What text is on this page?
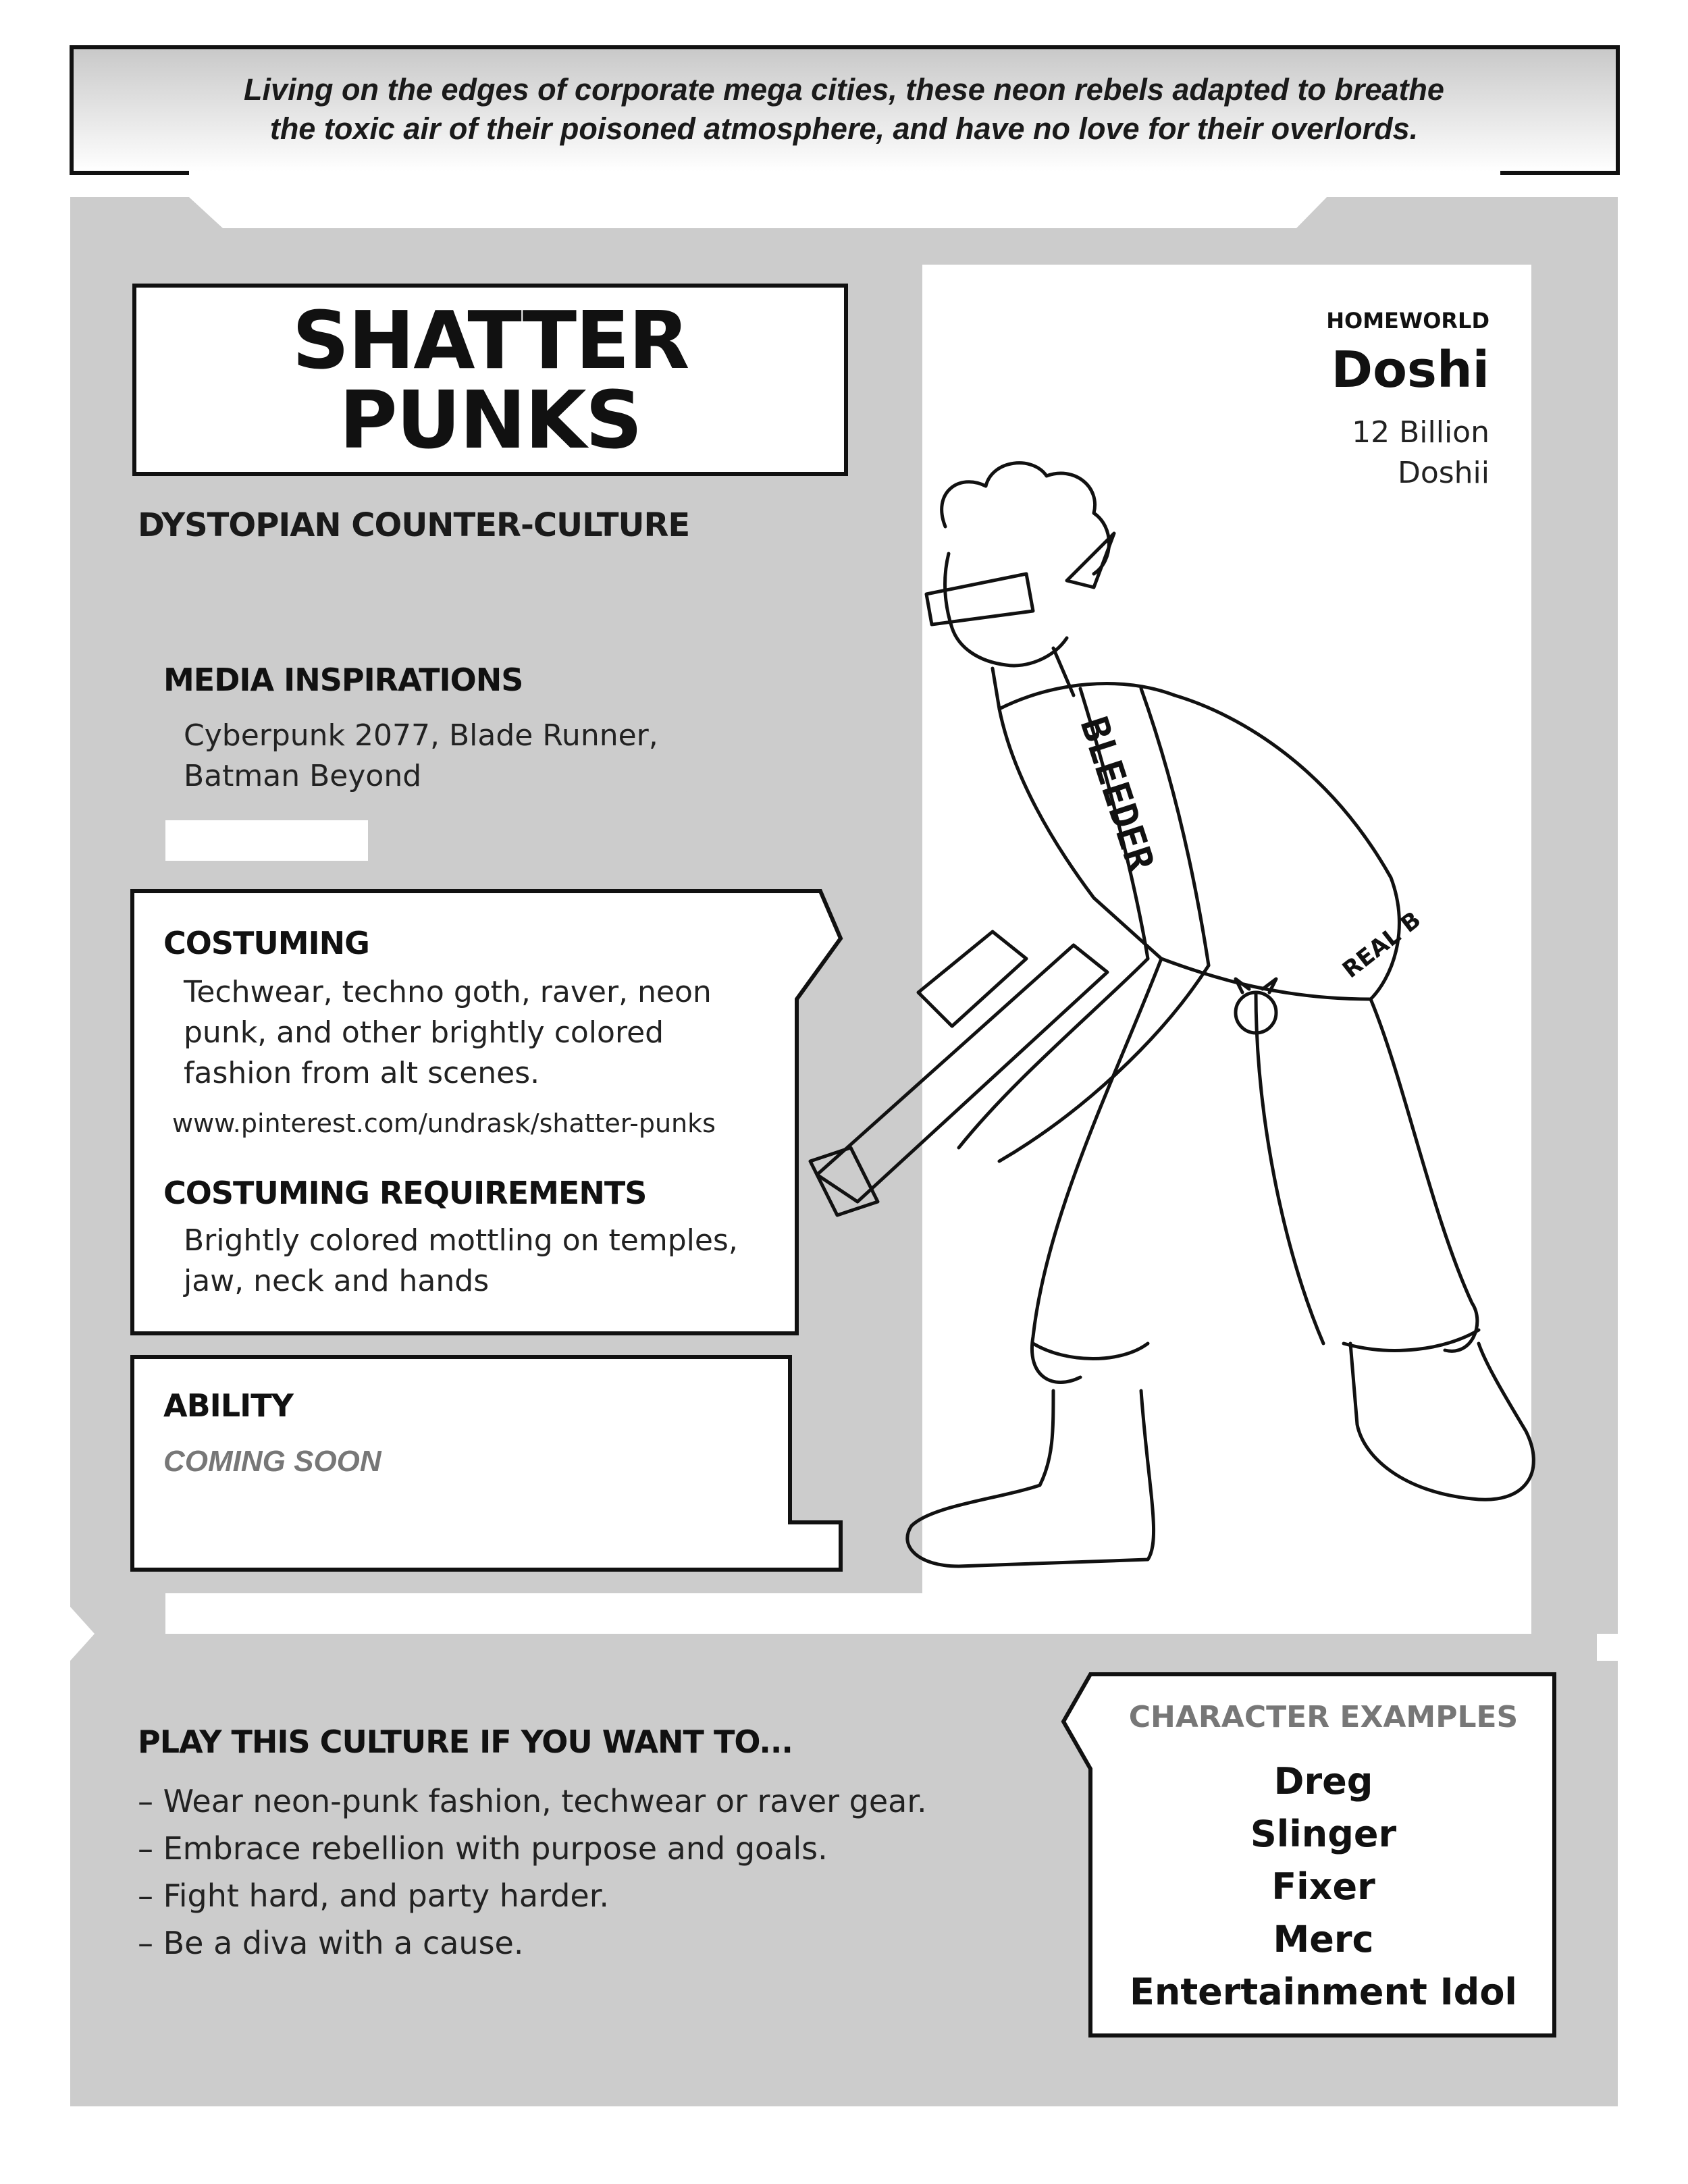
BLEEDER
REAL B
Living on the edges of corporate mega cities, these neon rebels adapted to breathe
the toxic air of their poisoned atmosphere, and have no love for their overlords.
SHATTER
PUNKS
DYSTOPIAN COUNTER-CULTURE
HOMEWORLD
Doshi
12 Billion
Doshii
MEDIA INSPIRATIONS
Cyberpunk 2077, Blade Runner,
Batman Beyond
COSTUMING
Techwear, techno goth, raver, neon
punk, and other brightly colored
fashion from alt scenes.
www.pinterest.com/undrask/shatter-punks
COSTUMING REQUIREMENTS
Brightly colored mottling on temples,
jaw, neck and hands
ABILITY
COMING SOON
PLAY THIS CULTURE IF YOU WANT TO...
– Wear neon-punk fashion, techwear or raver gear.
– Embrace rebellion with purpose and goals.
– Fight hard, and party harder.
– Be a diva with a cause.
CHARACTER EXAMPLES
Dreg
Slinger
Fixer
Merc
Entertainment Idol
